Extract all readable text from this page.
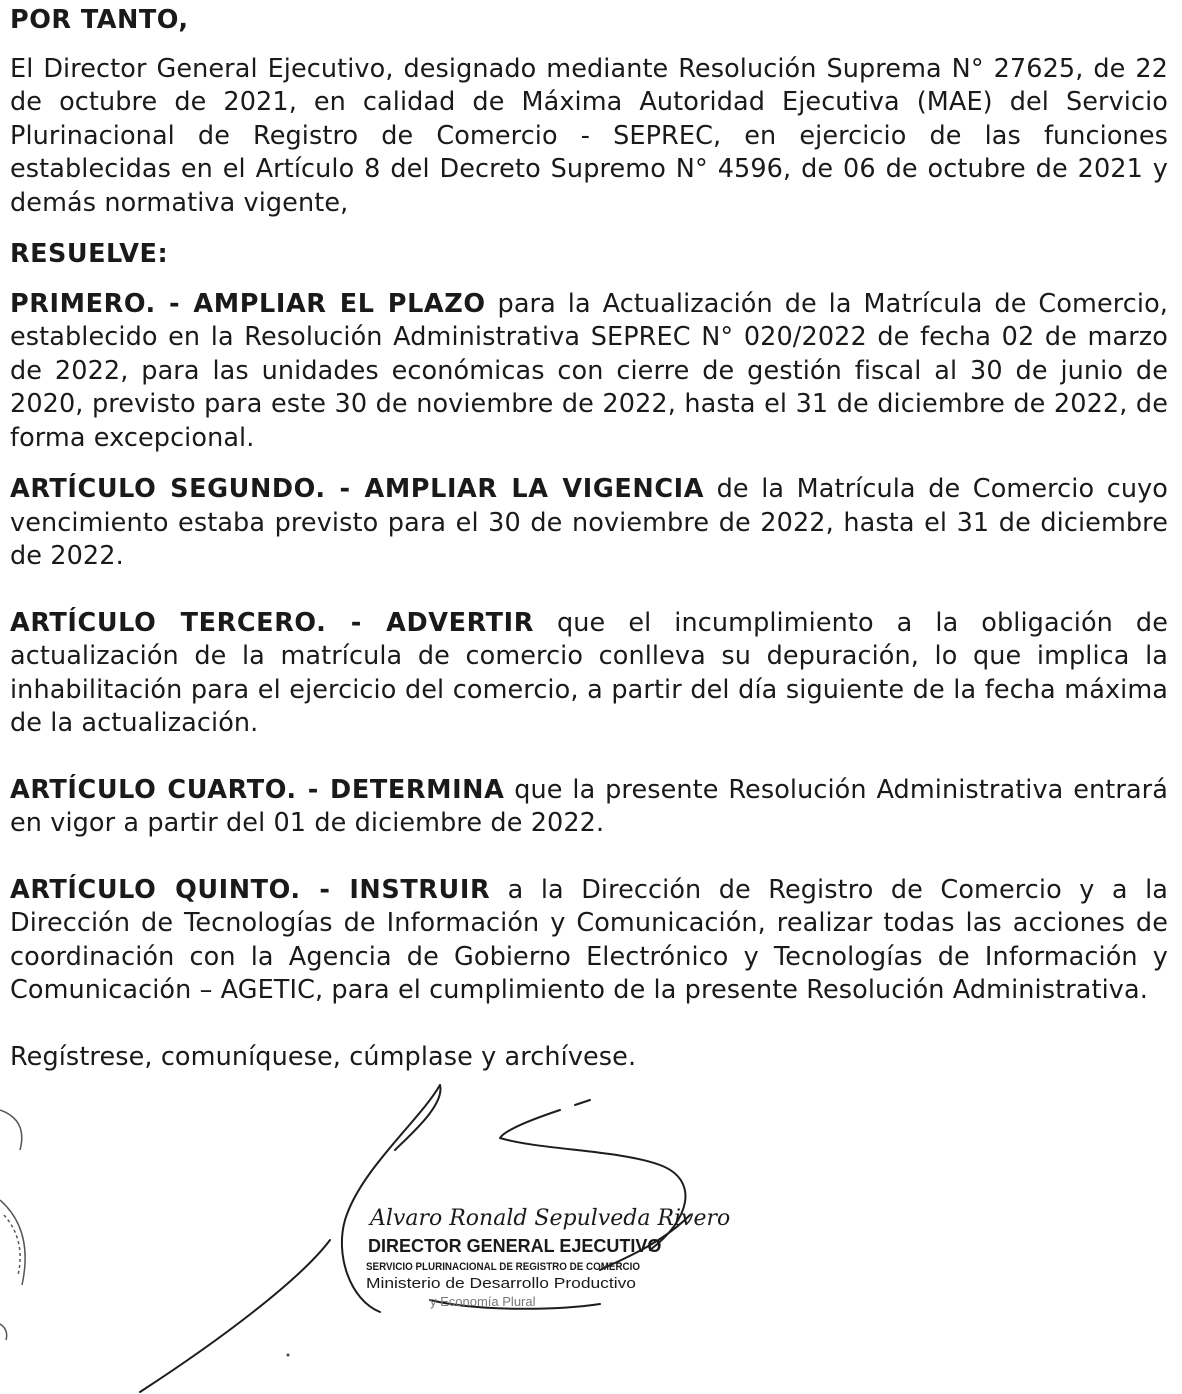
POR TANTO,

El Director General Ejecutivo, designado mediante Resolución Suprema N° 27625, de 22 de octubre de 2021, en calidad de Máxima Autoridad Ejecutiva (MAE) del Servicio Plurinacional de Registro de Comercio - SEPREC, en ejercicio de las funciones establecidas en el Artículo 8 del Decreto Supremo N° 4596, de 06 de octubre de 2021 y demás normativa vigente,

RESUELVE:

PRIMERO. - AMPLIAR EL PLAZO para la Actualización de la Matrícula de Comercio, establecido en la Resolución Administrativa SEPREC N° 020/2022 de fecha 02 de marzo de 2022, para las unidades económicas con cierre de gestión fiscal al 30 de junio de 2020, previsto para este 30 de noviembre de 2022, hasta el 31 de diciembre de 2022, de forma excepcional.

ARTÍCULO SEGUNDO. - AMPLIAR LA VIGENCIA de la Matrícula de Comercio cuyo vencimiento estaba previsto para el 30 de noviembre de 2022, hasta el 31 de diciembre de 2022.

ARTÍCULO TERCERO. - ADVERTIR que el incumplimiento a la obligación de actualización de la matrícula de comercio conlleva su depuración, lo que implica la inhabilitación para el ejercicio del comercio, a partir del día siguiente de la fecha máxima de la actualización.

ARTÍCULO CUARTO. - DETERMINA que la presente Resolución Administrativa entrará en vigor a partir del 01 de diciembre de 2022.

ARTÍCULO QUINTO. - INSTRUIR a la Dirección de Registro de Comercio y a la Dirección de Tecnologías de Información y Comunicación, realizar todas las acciones de coordinación con la Agencia de Gobierno Electrónico y Tecnologías de Información y Comunicación – AGETIC, para el cumplimiento de la presente Resolución Administrativa.

Regístrese, comuníquese, cúmplase y archívese.

Alvaro Ronald Sepulveda Rivero
DIRECTOR GENERAL EJECUTIVO
SERVICIO PLURINACIONAL DE REGISTRO DE COMERCIO
Ministerio de Desarrollo Productivo
y Economía Plural
